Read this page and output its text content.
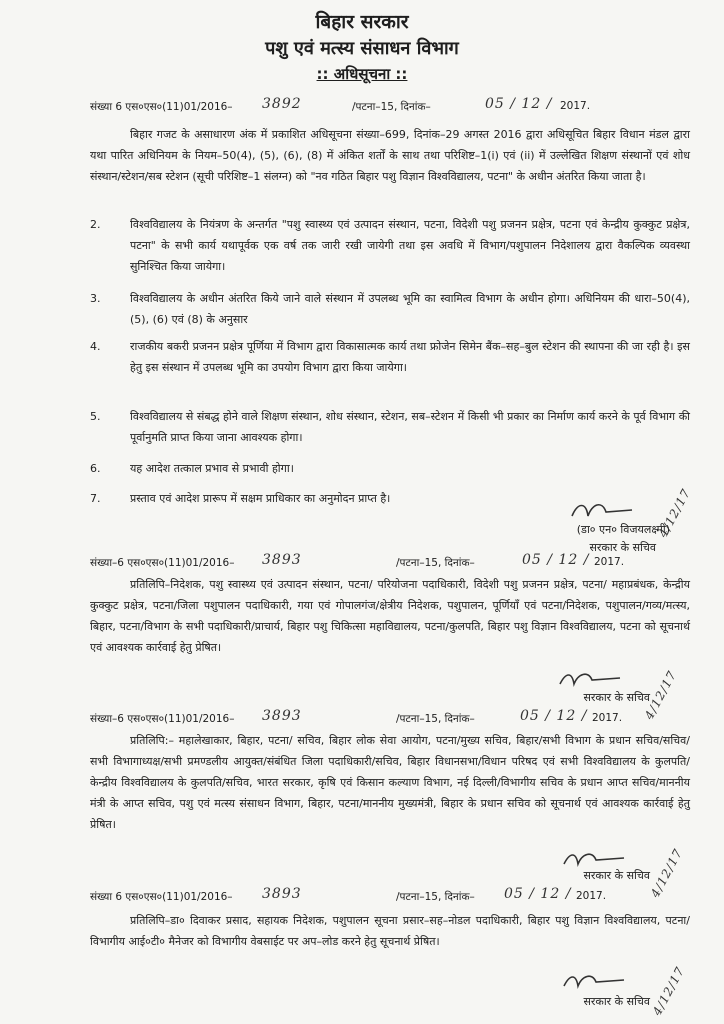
बिहार सरकार
पशु एवं मत्स्य संसाधन विभाग
:: अधिसूचना ::
संख्या 6 एस०एस०(11)01/2016– 3892	/पटना–15, दिनांक–	05 / 12 / 2017.
बिहार गजट के असाधारण अंक में प्रकाशित अधिसूचना संख्या–699, दिनांक–29 अगस्त 2016 द्वारा अधिसूचित बिहार विधान मंडल द्वारा यथा पारित अधिनियम के नियम–50(4), (5), (6), (8) में अंकित शर्तों के साथ तथा परिशिष्ट–1(i) एवं (ii) में उल्लेखित शिक्षण संस्थानों एवं शोध संस्थान/स्टेशन/सब स्टेशन (सूची परिशिष्ट–1 संलग्न) को "नव गठित बिहार पशु विज्ञान विश्वविद्यालय, पटना" के अधीन अंतरित किया जाता है।
2.	विश्वविद्यालय के नियंत्रण के अन्तर्गत "पशु स्वास्थ्य एवं उत्पादन संस्थान, पटना, विदेशी पशु प्रजनन प्रक्षेत्र, पटना एवं केन्द्रीय कुक्कुट प्रक्षेत्र, पटना" के सभी कार्य यथापूर्वक एक वर्ष तक जारी रखी जायेगी तथा इस अवधि में विभाग/पशुपालन निदेशालय द्वारा वैकल्पिक व्यवस्था सुनिश्चित किया जायेगा।
3.	विश्वविद्यालय के अधीन अंतरित किये जाने वाले संस्थान में उपलब्ध भूमि का स्वामित्व विभाग के अधीन होगा। अधिनियम की धारा–50(4), (5), (6) एवं (8) के अनुसार
4.	राजकीय बकरी प्रजनन प्रक्षेत्र पूर्णिया में विभाग द्वारा विकासात्मक कार्य तथा फ्रोजेन सिमेन बैंक–सह–बुल स्टेशन की स्थापना की जा रही है। इस हेतु इस संस्थान में उपलब्ध भूमि का उपयोग विभाग द्वारा किया जायेगा।
5.	विश्वविद्यालय से संबद्ध होने वाले शिक्षण संस्थान, शोध संस्थान, स्टेशन, सब–स्टेशन में किसी भी प्रकार का निर्माण कार्य करने के पूर्व विभाग की पूर्वानुमति प्राप्त किया जाना आवश्यक होगा।
6.	यह आदेश तत्काल प्रभाव से प्रभावी होगा।
7.	प्रस्ताव एवं आदेश प्रारूप में सक्षम प्राधिकार का अनुमोदन प्राप्त है।
(डा० एन० विजयलक्ष्मी)
सरकार के सचिव
4/12/17
संख्या–6 एस०एस०(11)01/2016– 3893	/पटना–15, दिनांक–	05 / 12 / 2017.
प्रतिलिपि–निदेशक, पशु स्वास्थ्य एवं उत्पादन संस्थान, पटना/ परियोजना पदाधिकारी, विदेशी पशु प्रजनन प्रक्षेत्र, पटना/ महाप्रबंधक, केन्द्रीय कुक्कुट प्रक्षेत्र, पटना/जिला पशुपालन पदाधिकारी, गया एवं गोपालगंज/क्षेत्रीय निदेशक, पशुपालन, पूर्णियाँ एवं पटना/निदेशक, पशुपालन/गव्य/मत्स्य, बिहार, पटना/विभाग के सभी पदाधिकारी/प्राचार्य, बिहार पशु चिकित्सा महाविद्यालय, पटना/कुलपति, बिहार पशु विज्ञान विश्वविद्यालय, पटना को सूचनार्थ एवं आवश्यक कार्रवाई हेतु प्रेषित।
सरकार के सचिव
4/12/17
संख्या–6 एस०एस०(11)01/2016– 3893	/पटना–15, दिनांक–	05 / 12 / 2017.
प्रतिलिपि:– महालेखाकार, बिहार, पटना/ सचिव, बिहार लोक सेवा आयोग, पटना/मुख्य सचिव, बिहार/सभी विभाग के प्रधान सचिव/सचिव/ सभी विभागाध्यक्ष/सभी प्रमण्डलीय आयुक्त/संबंधित जिला पदाधिकारी/सचिव, बिहार विधानसभा/विधान परिषद एवं सभी विश्वविद्यालय के कुलपति/केन्द्रीय विश्वविद्यालय के कुलपति/सचिव, भारत सरकार, कृषि एवं किसान कल्याण विभाग, नई दिल्ली/विभागीय सचिव के प्रधान आप्त सचिव/माननीय मंत्री के आप्त सचिव, पशु एवं मत्स्य संसाधन विभाग, बिहार, पटना/माननीय मुख्यमंत्री, बिहार के प्रधान सचिव को सूचनार्थ एवं आवश्यक कार्रवाई हेतु प्रेषित।
सरकार के सचिव
4/12/17
संख्या 6 एस०एस०(11)01/2016– 3893	/पटना–15, दिनांक– 05 / 12 / 2017.
प्रतिलिपि–डा० दिवाकर प्रसाद, सहायक निदेशक, पशुपालन सूचना प्रसार–सह–नोडल पदाधिकारी, बिहार पशु विज्ञान विश्वविद्यालय, पटना/विभागीय आई०टी० मैनेजर को विभागीय वेबसाईट पर अप–लोड करने हेतु सूचनार्थ प्रेषित।
सरकार के सचिव 4/12/17
